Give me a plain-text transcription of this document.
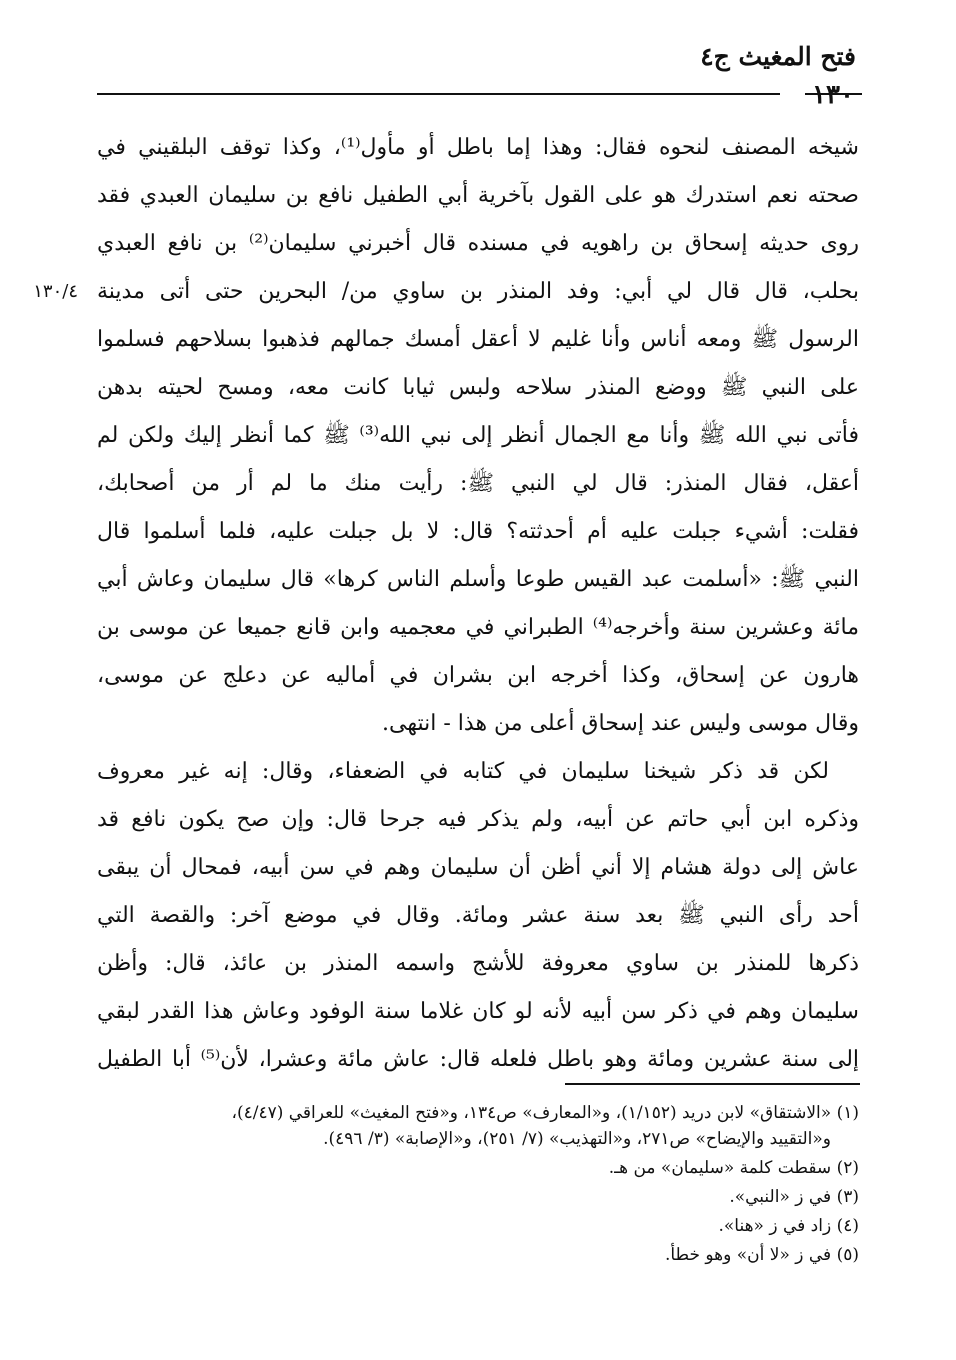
فتح المغيث ج٤
١٣٠
١٣٠/٤
شيخه المصنف لنحوه فقال: وهذا إما باطل أو مأول⁽¹⁾، وكذا توقف البلقيني في
صحته نعم استدرك هو على القول بآخرية أبي الطفيل نافع بن سليمان العبدي فقد
روى حديثه إسحاق بن راهويه في مسنده قال أخبرني سليمان⁽²⁾ بن نافع العبدي
بحلب، قال قال لي أبي: وفد المنذر بن ساوي من/ البحرين حتى أتى مدينة
الرسول ﷺ ومعه أناس وأنا غليم لا أعقل أمسك جمالهم فذهبوا بسلاحهم فسلموا
على النبي ﷺ ووضع المنذر سلاحه ولبس ثيابا كانت معه، ومسح لحيته بدهن
فأتى نبي الله ﷺ وأنا مع الجمال أنظر إلى نبي الله⁽³⁾ ﷺ كما أنظر إليك ولكن لم
أعقل، فقال المنذر: قال لي النبي ﷺ: رأيت منك ما لم أر من أصحابك،
فقلت: أشيء جبلت عليه أم أحدثته؟ قال: لا بل جبلت عليه، فلما أسلموا قال
النبي ﷺ: «أسلمت عبد القيس طوعا وأسلم الناس كرها» قال سليمان وعاش أبي
مائة وعشرين سنة وأخرجه⁽⁴⁾ الطبراني في معجميه وابن قانع جميعا عن موسى بن
هارون عن إسحاق، وكذا أخرجه ابن بشران في أماليه عن دعلج عن موسى،
وقال موسى وليس عند إسحاق أعلى من هذا - انتهى.
لكن قد ذكر شيخنا سليمان في كتابه في الضعفاء، وقال: إنه غير معروف
وذكره ابن أبي حاتم عن أبيه، ولم يذكر فيه جرحا قال: وإن صح يكون نافع قد
عاش إلى دولة هشام إلا أني أظن أن سليمان وهم في سن أبيه، فمحال أن يبقى
أحد رأى النبي ﷺ بعد سنة عشر ومائة. وقال في موضع آخر: والقصة التي
ذكرها للمنذر بن ساوي معروفة للأشج واسمه المنذر بن عائذ، قال: وأظن
سليمان وهم في ذكر سن أبيه لأنه لو كان غلاما سنة الوفود وعاش هذا القدر لبقي
إلى سنة عشرين ومائة وهو باطل فلعله قال: عاش مائة وعشرا، لأن⁽⁵⁾ أبا الطفيل
(١) «الاشتقاق» لابن دريد (١/١٥٢)، و«المعارف» ص١٣٤، و«فتح المغيث» للعراقي (٤/٤٧)،
و«التقييد والإيضاح» ص٢٧١، و«التهذيب» (٧/ ٢٥١)، و«الإصابة» (٣/ ٤٩٦).
(٢) سقطت كلمة «سليمان» من هـ.
(٣) في ز «النبي».
(٤) زاد في ز «هنا».
(٥) في ز «لا أن» وهو خطأ.
